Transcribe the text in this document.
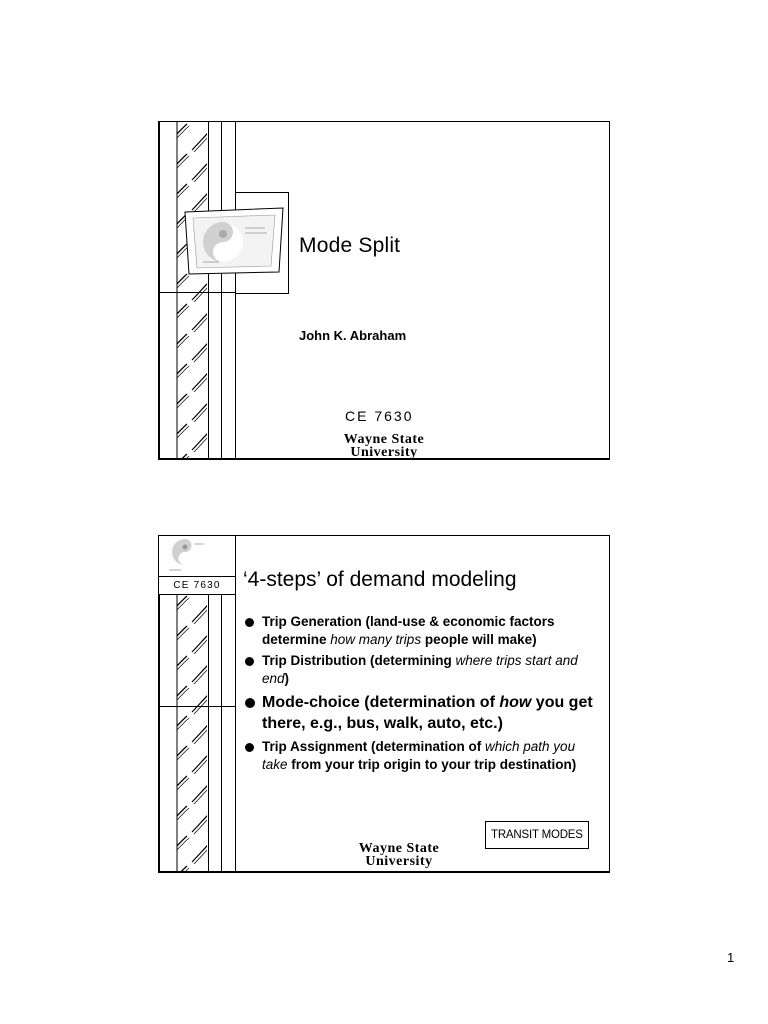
Mode Split
John K. Abraham
CE 7630
Wayne State
University
CE 7630	‘4-steps’ of demand modeling
Trip Generation (land-use & economic factors determine how many trips people will make)
Trip Distribution (determining where trips start and end)
Mode-choice (determination of how you get there, e.g., bus, walk, auto, etc.)
Trip Assignment (determination of which path you take from your trip origin to your trip destination)
TRANSIT MODES
Wayne State
University
1
